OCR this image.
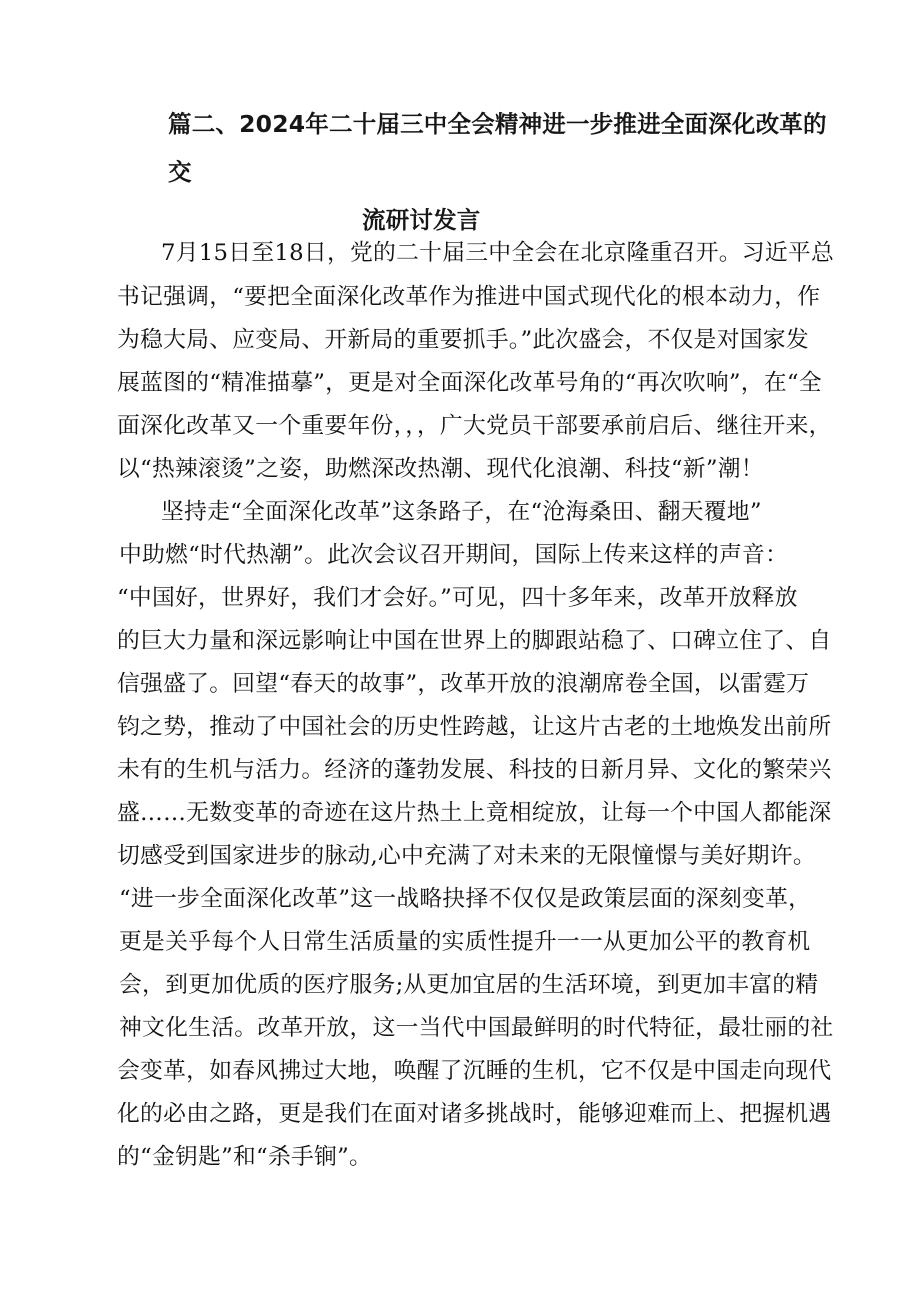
篇二、2024年二十届三中全会精神进一步推进全面深化改革的交
流研讨发言
7月15日至18日，党的二十届三中全会在北京隆重召开。习近平总
书记强调，“要把全面深化改革作为推进中国式现代化的根本动力，作
为稳大局、应变局、开新局的重要抓手。”此次盛会，不仅是对国家发
展蓝图的“精准描摹”，更是对全面深化改革号角的“再次吹响”，在“全
面深化改革又一个重要年份，，，广大党员干部要承前启后、继往开来，
以“热辣滚烫”之姿，助燃深改热潮、现代化浪潮、科技“新”潮！
坚持走“全面深化改革”这条路子，在“沧海桑田、翻天覆地”
中助燃“时代热潮”。此次会议召开期间，国际上传来这样的声音：
“中国好，世界好，我们才会好。”可见，四十多年来，改革开放释放
的巨大力量和深远影响让中国在世界上的脚跟站稳了、口碑立住了、自
信强盛了。回望“春天的故事”，改革开放的浪潮席卷全国，以雷霆万
钧之势，推动了中国社会的历史性跨越，让这片古老的土地焕发出前所
未有的生机与活力。经济的蓬勃发展、科技的日新月异、文化的繁荣兴
盛……无数变革的奇迹在这片热土上竟相绽放，让每一个中国人都能深
切感受到国家进步的脉动,心中充满了对未来的无限憧憬与美好期许。
“进一步全面深化改革”这一战略抉择不仅仅是政策层面的深刻变革，
更是关乎每个人日常生活质量的实质性提升一一从更加公平的教育机
会，到更加优质的医疗服务;从更加宜居的生活环境，到更加丰富的精
神文化生活。改革开放，这一当代中国最鲜明的时代特征，最壮丽的社
会变革，如春风拂过大地，唤醒了沉睡的生机，它不仅是中国走向现代
化的必由之路，更是我们在面对诸多挑战时，能够迎难而上、把握机遇
的“金钥匙”和“杀手锏”。
